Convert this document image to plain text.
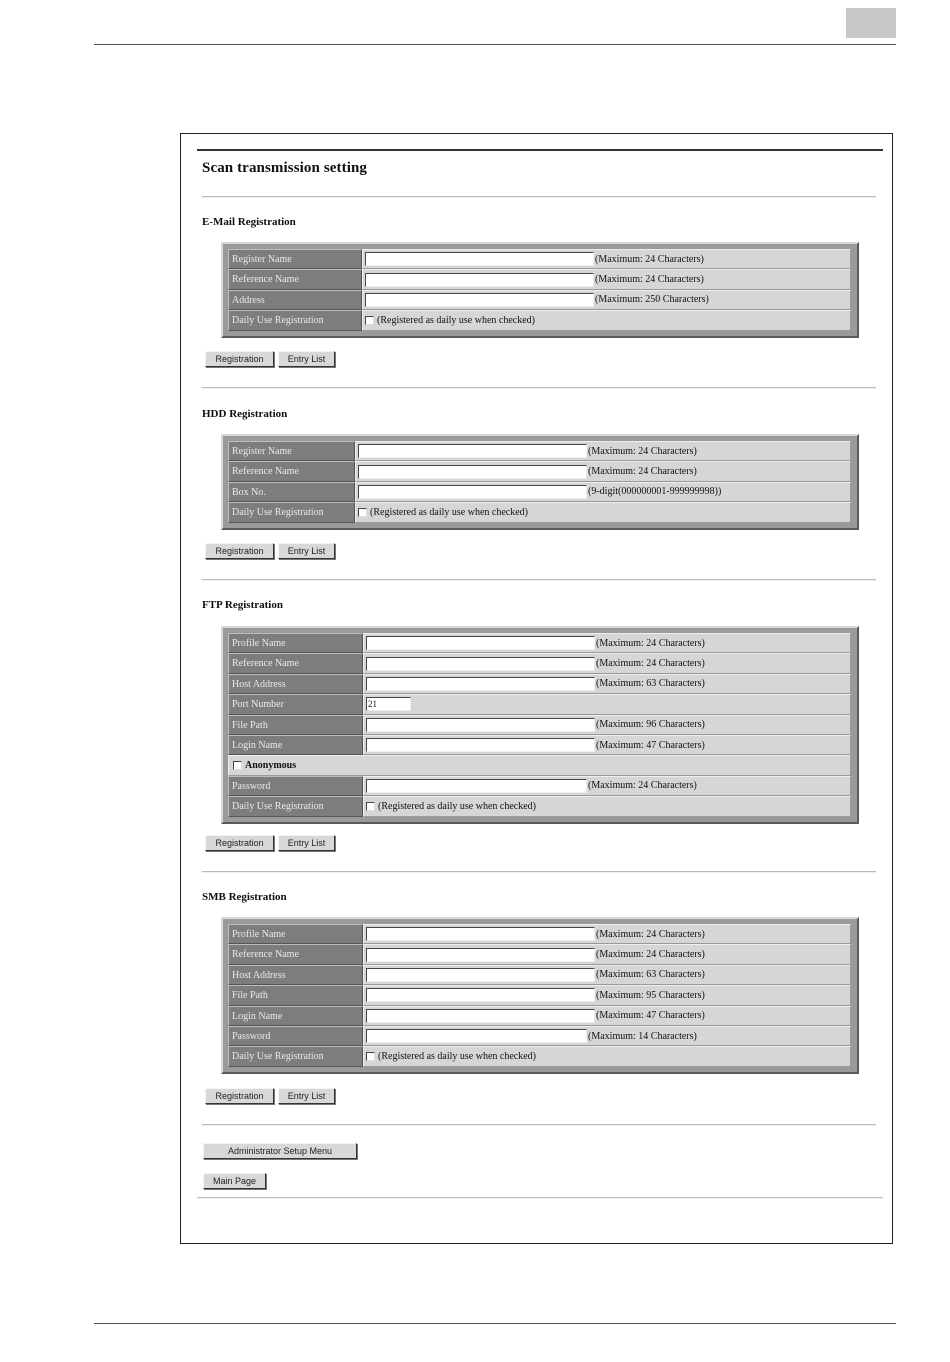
Scan transmission setting
E-Mail Registration
Register Name	(Maximum: 24 Characters)
Reference Name	(Maximum: 24 Characters)
Address	(Maximum: 250 Characters)
Daily Use Registration	(Registered as daily use when checked)
Registration	Entry List
HDD Registration
Register Name	(Maximum: 24 Characters)
Reference Name	(Maximum: 24 Characters)
Box No.	(9-digit(000000001-999999998))
Daily Use Registration	(Registered as daily use when checked)
Registration	Entry List
FTP Registration
Profile Name	(Maximum: 24 Characters)
Reference Name	(Maximum: 24 Characters)
Host Address	(Maximum: 63 Characters)
Port Number	21
File Path	(Maximum: 96 Characters)
Login Name	(Maximum: 47 Characters)
Anonymous
Password	(Maximum: 24 Characters)
Daily Use Registration	(Registered as daily use when checked)
Registration	Entry List
SMB Registration
Profile Name	(Maximum: 24 Characters)
Reference Name	(Maximum: 24 Characters)
Host Address	(Maximum: 63 Characters)
File Path	(Maximum: 95 Characters)
Login Name	(Maximum: 47 Characters)
Password	(Maximum: 14 Characters)
Daily Use Registration	(Registered as daily use when checked)
Registration	Entry List
Administrator Setup Menu
Main Page
